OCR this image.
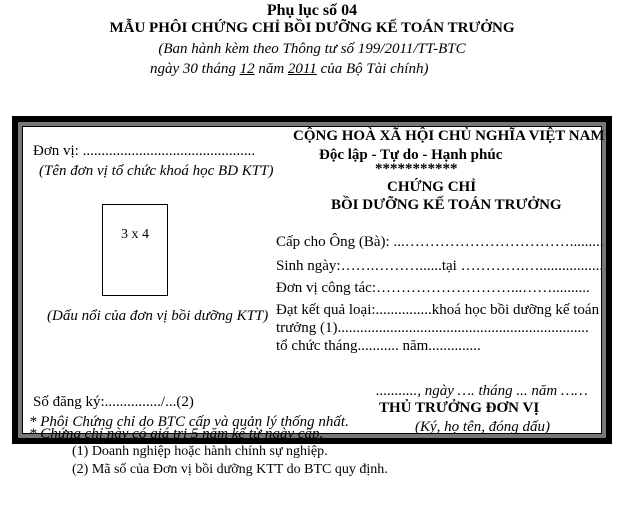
Phụ lục số 04
MẪU PHÔI CHỨNG CHỈ BỒI DƯỠNG KẾ TOÁN TRƯỞNG
(Ban hành kèm theo Thông tư số 199/2011/TT-BTC
ngày 30 tháng 12 năm 2011 của Bộ Tài chính)
Đơn vị: ..............................................
(Tên đơn vị tổ chức khoá học BD KTT)
3 x 4
(Dấu nổi của đơn vị bồi dưỡng KTT)
Số đăng ký:.............../...(2)
* Phôi Chứng chỉ do BTC cấp và quản lý thống nhất.
* Chứng chỉ này có giá trị 5 năm kể từ ngày cấp.
CỘNG HOÀ XÃ HỘI CHỦ NGHĨA VIỆT NAM
Độc lập - Tự do - Hạnh phúc
***********
CHỨNG CHỈ
BỒI DƯỠNG KẾ TOÁN TRƯỞNG
Cấp cho Ông (Bà): ...…………………………….........
Sinh ngày:…….………......tại ………….….................
Đơn vị công tác:………………………...……..........
Đạt kết quả loại:...............khoá học bồi dưỡng kế toán
trưởng (1)...................................................................
tổ chức tháng........... năm..............
..........., ngày …. tháng ... năm ……
THỦ TRƯỞNG ĐƠN VỊ
(Ký, họ tên, đóng dấu)
(1) Doanh nghiệp hoặc hành chính sự nghiệp.
(2) Mã số của Đơn vị bồi dưỡng KTT do BTC quy định.
